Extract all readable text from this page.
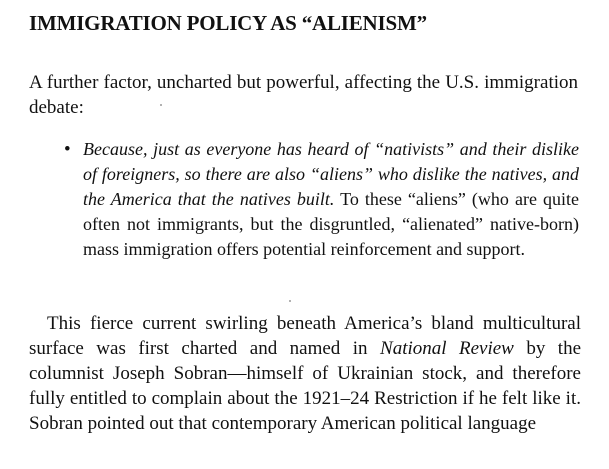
IMMIGRATION POLICY AS “ALIENISM”

A further factor, uncharted but powerful, affecting the U.S. immigration debate:

• Because, just as everyone has heard of “nativists” and their dislike of foreigners, so there are also “aliens” who dislike the natives, and the America that the natives built. To these “aliens” (who are quite often not immigrants, but the disgruntled, “alienated” native-born) mass immigration offers potential reinforcement and support.

This fierce current swirling beneath America’s bland multicultural surface was first charted and named in National Review by the columnist Joseph Sobran—himself of Ukrainian stock, and therefore fully entitled to complain about the 1921–24 Restriction if he felt like it. Sobran pointed out that contemporary American political language
